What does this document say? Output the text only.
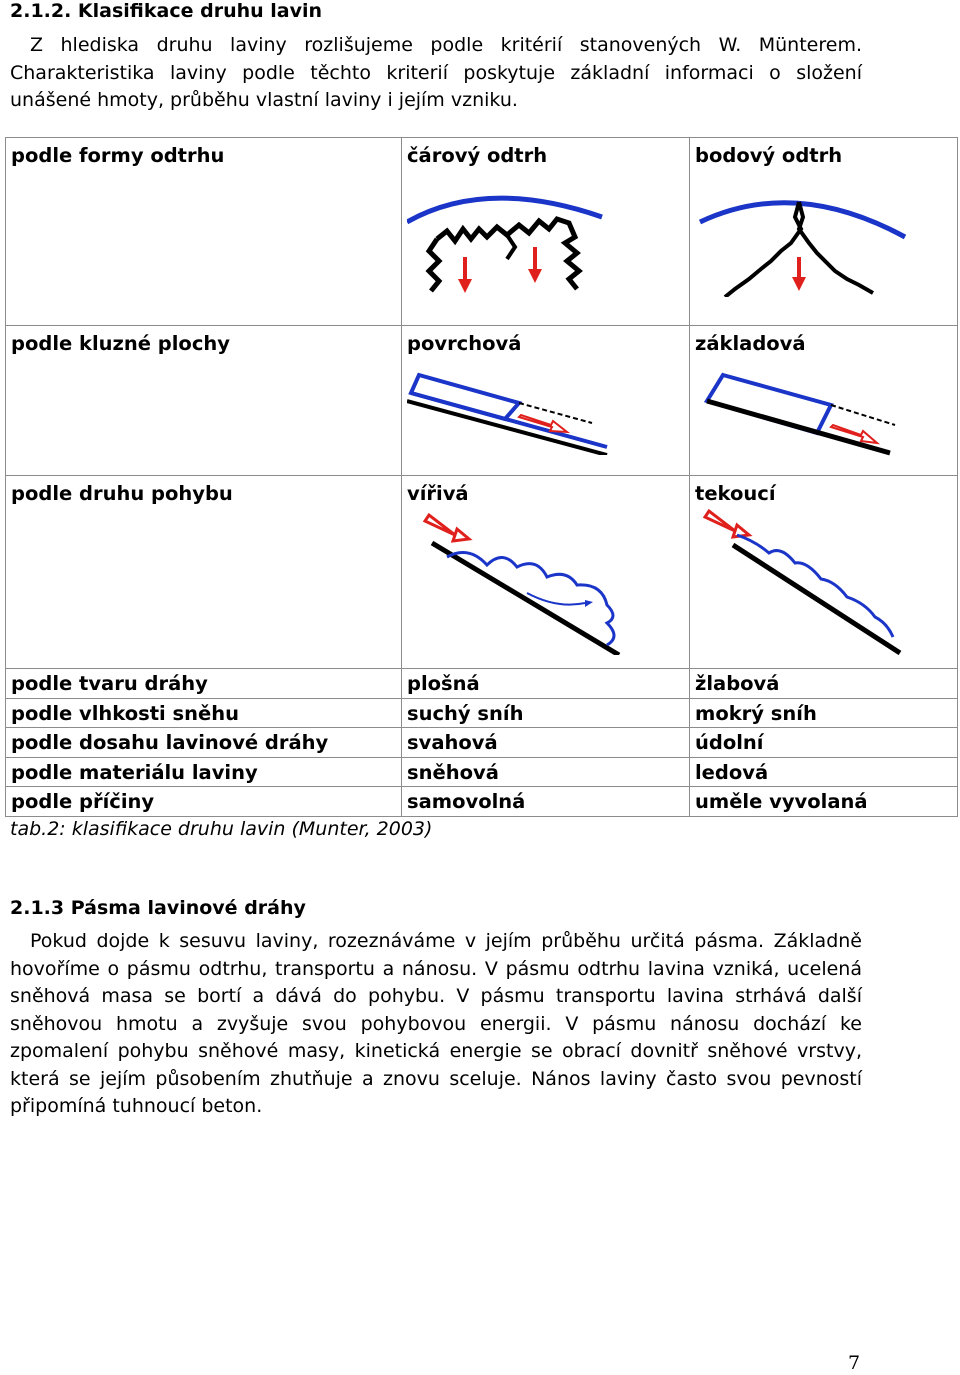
2.1.2. Klasifikace druhu lavin

Z hlediska druhu laviny rozlišujeme podle kritérií stanovených W. Münterem. Charakteristika laviny podle těchto kriterií poskytuje základní informaci o složení unášené hmoty, průběhu vlastní laviny i jejím vzniku.

podle formy odtrhu	čárový odtrh	bodový odtrh

podle kluzné plochy	povrchová	základová

podle druhu pohybu	vířivá	tekoucí

podle tvaru dráhy	plošná	žlabová
podle vlhkosti sněhu	suchý sníh	mokrý sníh
podle dosahu lavinové dráhy	svahová	údolní
podle materiálu laviny	sněhová	ledová
podle příčiny	samovolná	uměle vyvolaná
tab.2: klasifikace druhu lavin (Munter, 2003)
2.1.3 Pásma lavinové dráhy

Pokud dojde k sesuvu laviny, rozeznáváme v jejím průběhu určitá pásma. Základně hovoříme o pásmu odtrhu, transportu a nánosu. V pásmu odtrhu lavina vzniká, ucelená sněhová masa se bortí a dává do pohybu. V pásmu transportu lavina strhává další sněhovou hmotu a zvyšuje svou pohybovou energii. V pásmu nánosu dochází ke zpomalení pohybu sněhové masy, kinetická energie se obrací dovnitř sněhové vrstvy, která se jejím působením zhutňuje a znovu sceluje. Nános laviny často svou pevností připomíná tuhnoucí beton.

7
